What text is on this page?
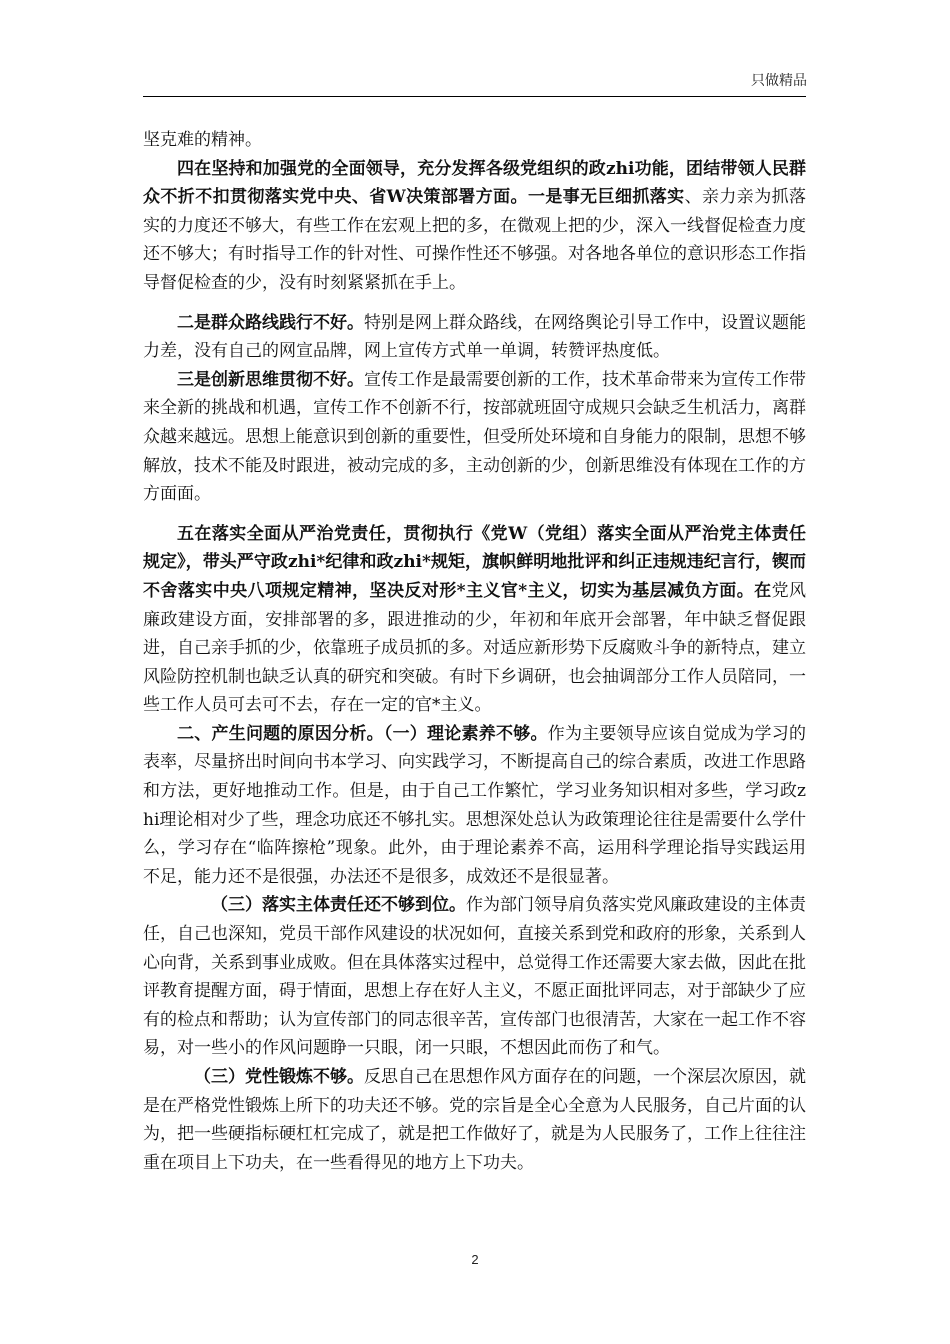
只做精品

坚克难的精神。

四在坚持和加强党的全面领导，充分发挥各级党组织的政zhi功能，团结带领人民群众不折不扣贯彻落实党中央、省W决策部署方面。一是事无巨细抓落实、亲力亲为抓落实的力度还不够大，有些工作在宏观上把的多，在微观上把的少，深入一线督促检查力度还不够大；有时指导工作的针对性、可操作性还不够强。对各地各单位的意识形态工作指导督促检查的少，没有时刻紧紧抓在手上。

二是群众路线践行不好。特别是网上群众路线，在网络舆论引导工作中，设置议题能力差，没有自己的网宣品牌，网上宣传方式单一单调，转赞评热度低。

三是创新思维贯彻不好。宣传工作是最需要创新的工作，技术革命带来为宣传工作带来全新的挑战和机遇，宣传工作不创新不行，按部就班固守成规只会缺乏生机活力，离群众越来越远。思想上能意识到创新的重要性，但受所处环境和自身能力的限制，思想不够解放，技术不能及时跟进，被动完成的多，主动创新的少，创新思维没有体现在工作的方方面面。

五在落实全面从严治党责任，贯彻执行《党W（党组）落实全面从严治党主体责任规定》，带头严守政zhi*纪律和政zhi*规矩，旗帜鲜明地批评和纠正违规违纪言行，锲而不舍落实中央八项规定精神，坚决反对形*主义官*主义，切实为基层减负方面。在党风廉政建设方面，安排部署的多，跟进推动的少，年初和年底开会部署，年中缺乏督促跟进，自己亲手抓的少，依靠班子成员抓的多。对适应新形势下反腐败斗争的新特点，建立风险防控机制也缺乏认真的研究和突破。有时下乡调研，也会抽调部分工作人员陪同，一些工作人员可去可不去，存在一定的官*主义。

二、产生问题的原因分析。（一）理论素养不够。作为主要领导应该自觉成为学习的表率，尽量挤出时间向书本学习、向实践学习，不断提高自己的综合素质，改进工作思路和方法，更好地推动工作。但是，由于自己工作繁忙，学习业务知识相对多些，学习政zhi理论相对少了些，理念功底还不够扎实。思想深处总认为政策理论往往是需要什么学什么，学习存在“临阵擦枪”现象。此外，由于理论素养不高，运用科学理论指导实践运用不足，能力还不是很强，办法还不是很多，成效还不是很显著。

（三）落实主体责任还不够到位。作为部门领导肩负落实党风廉政建设的主体责任，自己也深知，党员干部作风建设的状况如何，直接关系到党和政府的形象，关系到人心向背，关系到事业成败。但在具体落实过程中，总觉得工作还需要大家去做，因此在批评教育提醒方面，碍于情面，思想上存在好人主义，不愿正面批评同志，对于部缺少了应有的检点和帮助；认为宣传部门的同志很辛苦，宣传部门也很清苦，大家在一起工作不容易，对一些小的作风问题睁一只眼，闭一只眼，不想因此而伤了和气。

（三）党性锻炼不够。反思自己在思想作风方面存在的问题，一个深层次原因，就是在严格党性锻炼上所下的功夫还不够。党的宗旨是全心全意为人民服务，自己片面的认为，把一些硬指标硬杠杠完成了，就是把工作做好了，就是为人民服务了，工作上往往注重在项目上下功夫，在一些看得见的地方上下功夫。

2
